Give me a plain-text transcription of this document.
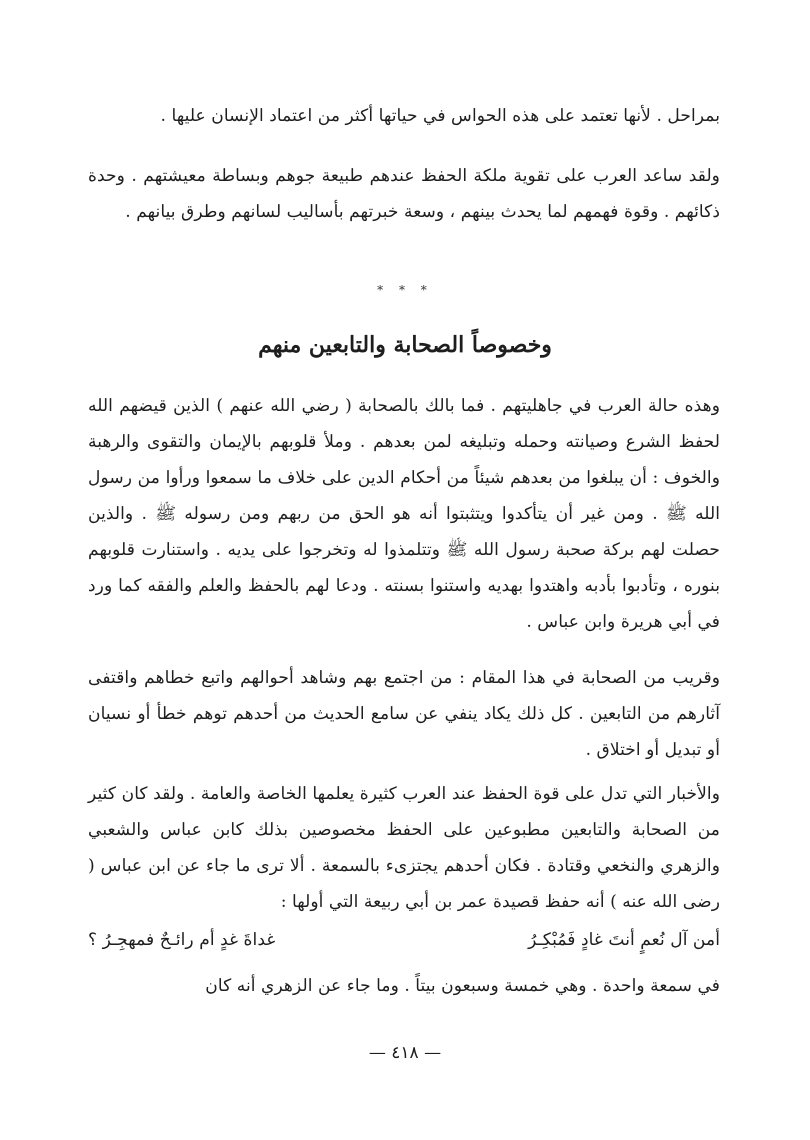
بمراحل . لأنها تعتمد على هذه الحواس في حياتها أكثر من اعتماد الإنسان عليها .

ولقد ساعد العرب على تقوية ملكة الحفظ عندهم طبيعة جوهم وبساطة معيشتهم . وحدة ذكائهم . وقوة فهمهم لما يحدث بينهم ، وسعة خبرتهم بأساليب لسانهم وطرق بيانهم .

* * *
وخصوصاً الصحابة والتابعين منهم

وهذه حالة العرب في جاهليتهم . فما بالك بالصحابة ( رضي الله عنهم ) الذين قيضهم الله لحفظ الشرع وصيانته وحمله وتبليغه لمن بعدهم . وملأ قلوبهم بالإيمان والتقوى والرهبة والخوف : أن يبلغوا من بعدهم شيئاً من أحكام الدين على خلاف ما سمعوا ورأوا من رسول الله ﷺ . ومن غير أن يتأكدوا ويتثبتوا أنه هو الحق من ربهم ومن رسوله ﷺ . والذين حصلت لهم بركة صحبة رسول الله ﷺ وتتلمذوا له وتخرجوا على يديه . واستنارت قلوبهم بنوره ، وتأدبوا بأدبه واهتدوا بهديه واستنوا بسنته . ودعا لهم بالحفظ والعلم والفقه كما ورد في أبي هريرة وابن عباس .

وقريب من الصحابة في هذا المقام : من اجتمع بهم وشاهد أحوالهم واتبع خطاهم واقتفى آثارهم من التابعين . كل ذلك يكاد ينفي عن سامع الحديث من أحدهم توهم خطأ أو نسيان أو تبديل أو اختلاق .

والأخبار التي تدل على قوة الحفظ عند العرب كثيرة يعلمها الخاصة والعامة . ولقد كان كثير من الصحابة والتابعين مطبوعين على الحفظ مخصوصين بذلك كابن عباس والشعبي والزهري والنخعي وقتادة . فكان أحدهم يجتزىء بالسمعة . ألا ترى ما جاء عن ابن عباس ( رضى الله عنه ) أنه حفظ قصيدة عمر بن أبي ربيعة التي أولها :

أمن آل نُعمٍ أنتَ غادٍ فَمُبْكِـرُ
غداةَ غدٍ أم رائـحٌ فمهجِـرُ ؟

في سمعة واحدة . وهي خمسة وسبعون بيتاً . وما جاء عن الزهري أنه كان

— ٤١٨ —
